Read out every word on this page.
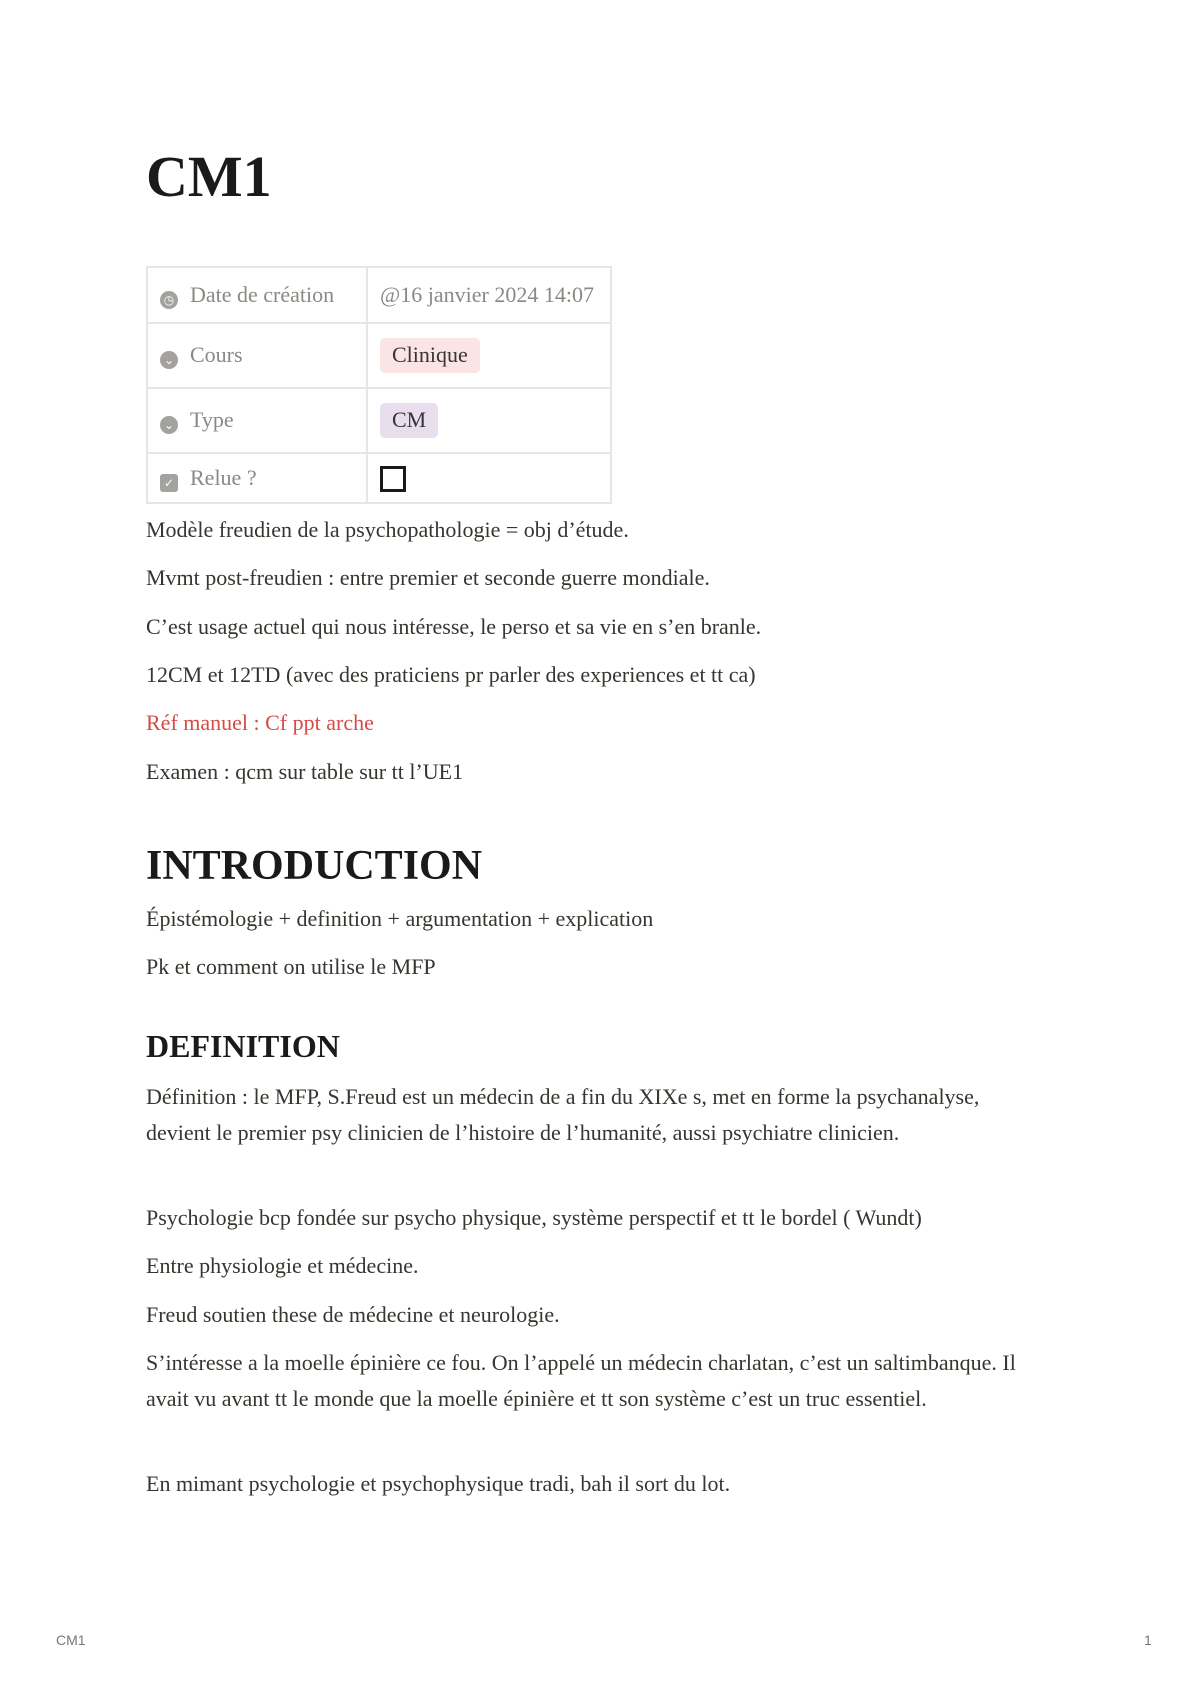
CM1
◷ Date de création	@16 janvier 2024 14:07
⌄ Cours	Clinique
⌄ Type	CM
✓ Relue ?	

Modèle freudien de la psychopathologie = obj d’étude.

Mvmt post-freudien : entre premier et seconde guerre mondiale.

C’est usage actuel qui nous intéresse, le perso et sa vie en s’en branle.

12CM et 12TD (avec des praticiens pr parler des experiences et tt ca)

Réf manuel : Cf ppt arche

Examen : qcm sur table sur tt l’UE1

INTRODUCTION

Épistémologie + definition + argumentation + explication

Pk et comment on utilise le MFP

DEFINITION

Définition : le MFP, S.Freud est un médecin de a fin du XIXe s, met en forme la psychanalyse, devient le premier psy clinicien de l’histoire de l’humanité, aussi psychiatre clinicien.

Psychologie bcp fondée sur psycho physique, système perspectif et tt le bordel ( Wundt)

Entre physiologie et médecine.

Freud soutien these de médecine et neurologie.

S’intéresse a la moelle épinière ce fou. On l’appelé un médecin charlatan, c’est un saltimbanque. Il avait vu avant tt le monde que la moelle épinière et tt son système c’est un truc essentiel.

En mimant psychologie et psychophysique tradi, bah il sort du lot.

CM1	1
